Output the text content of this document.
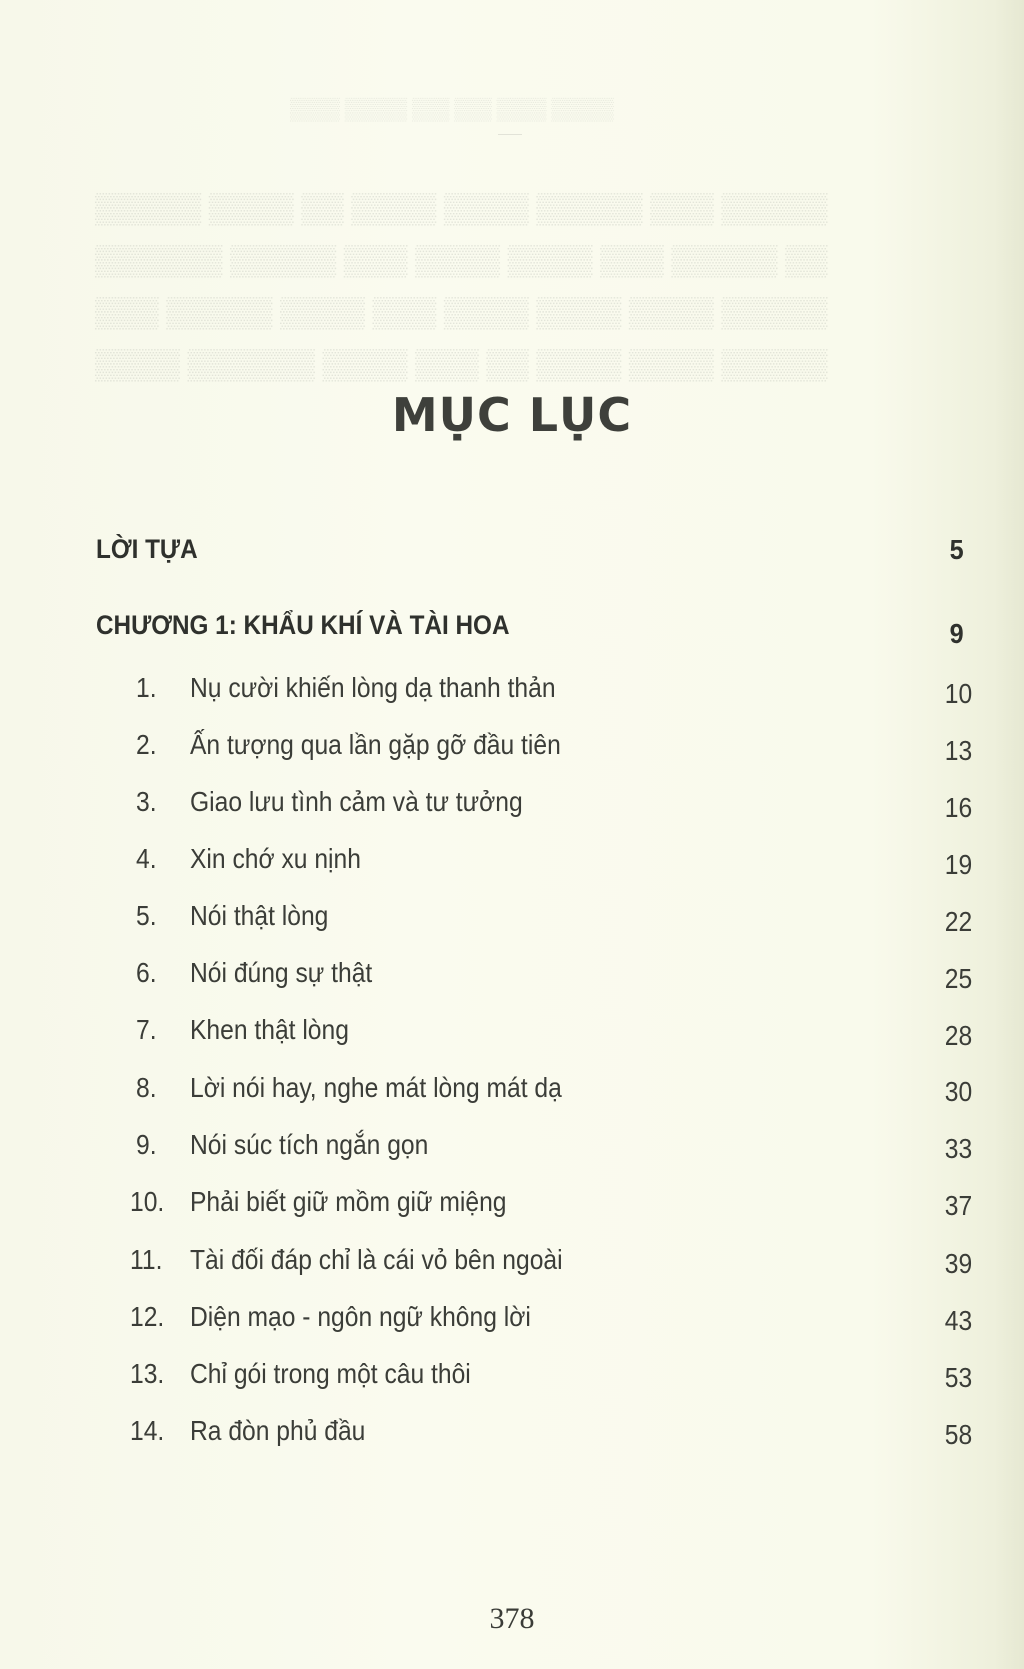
▒▒▒▒ ▒▒▒▒▒ ▒▒▒ ▒▒▒ ▒▒▒▒ ▒▒▒▒▒
▒▒▒▒▒ ▒▒▒▒ ▒▒ ▒▒▒▒ ▒▒▒▒ ▒▒▒▒▒ ▒▒▒ ▒▒▒▒▒
▒▒▒▒▒▒ ▒▒▒▒▒ ▒▒▒ ▒▒▒▒ ▒▒▒▒ ▒▒▒ ▒▒▒▒▒ ▒▒
▒▒▒ ▒▒▒▒▒ ▒▒▒▒ ▒▒▒ ▒▒▒▒ ▒▒▒▒ ▒▒▒▒ ▒▒▒▒▒
▒▒▒▒ ▒▒▒▒▒▒ ▒▒▒▒ ▒▒▒ ▒▒ ▒▒▒▒ ▒▒▒▒ ▒▒▒▒▒
MỤC LỤC
LỜI TỰA	5
CHƯƠNG 1: KHẨU KHÍ VÀ TÀI HOA	9
1. Nụ cười khiến lòng dạ thanh thản	10
2. Ấn tượng qua lần gặp gỡ đầu tiên	13
3. Giao lưu tình cảm và tư tưởng	16
4. Xin chớ xu nịnh	19
5. Nói thật lòng	22
6. Nói đúng sự thật	25
7. Khen thật lòng	28
8. Lời nói hay, nghe mát lòng mát dạ	30
9. Nói súc tích ngắn gọn	33
10. Phải biết giữ mồm giữ miệng	37
11. Tài đối đáp chỉ là cái vỏ bên ngoài	39
12. Diện mạo - ngôn ngữ không lời	43
13. Chỉ gói trong một câu thôi	53
14. Ra đòn phủ đầu	58
378
